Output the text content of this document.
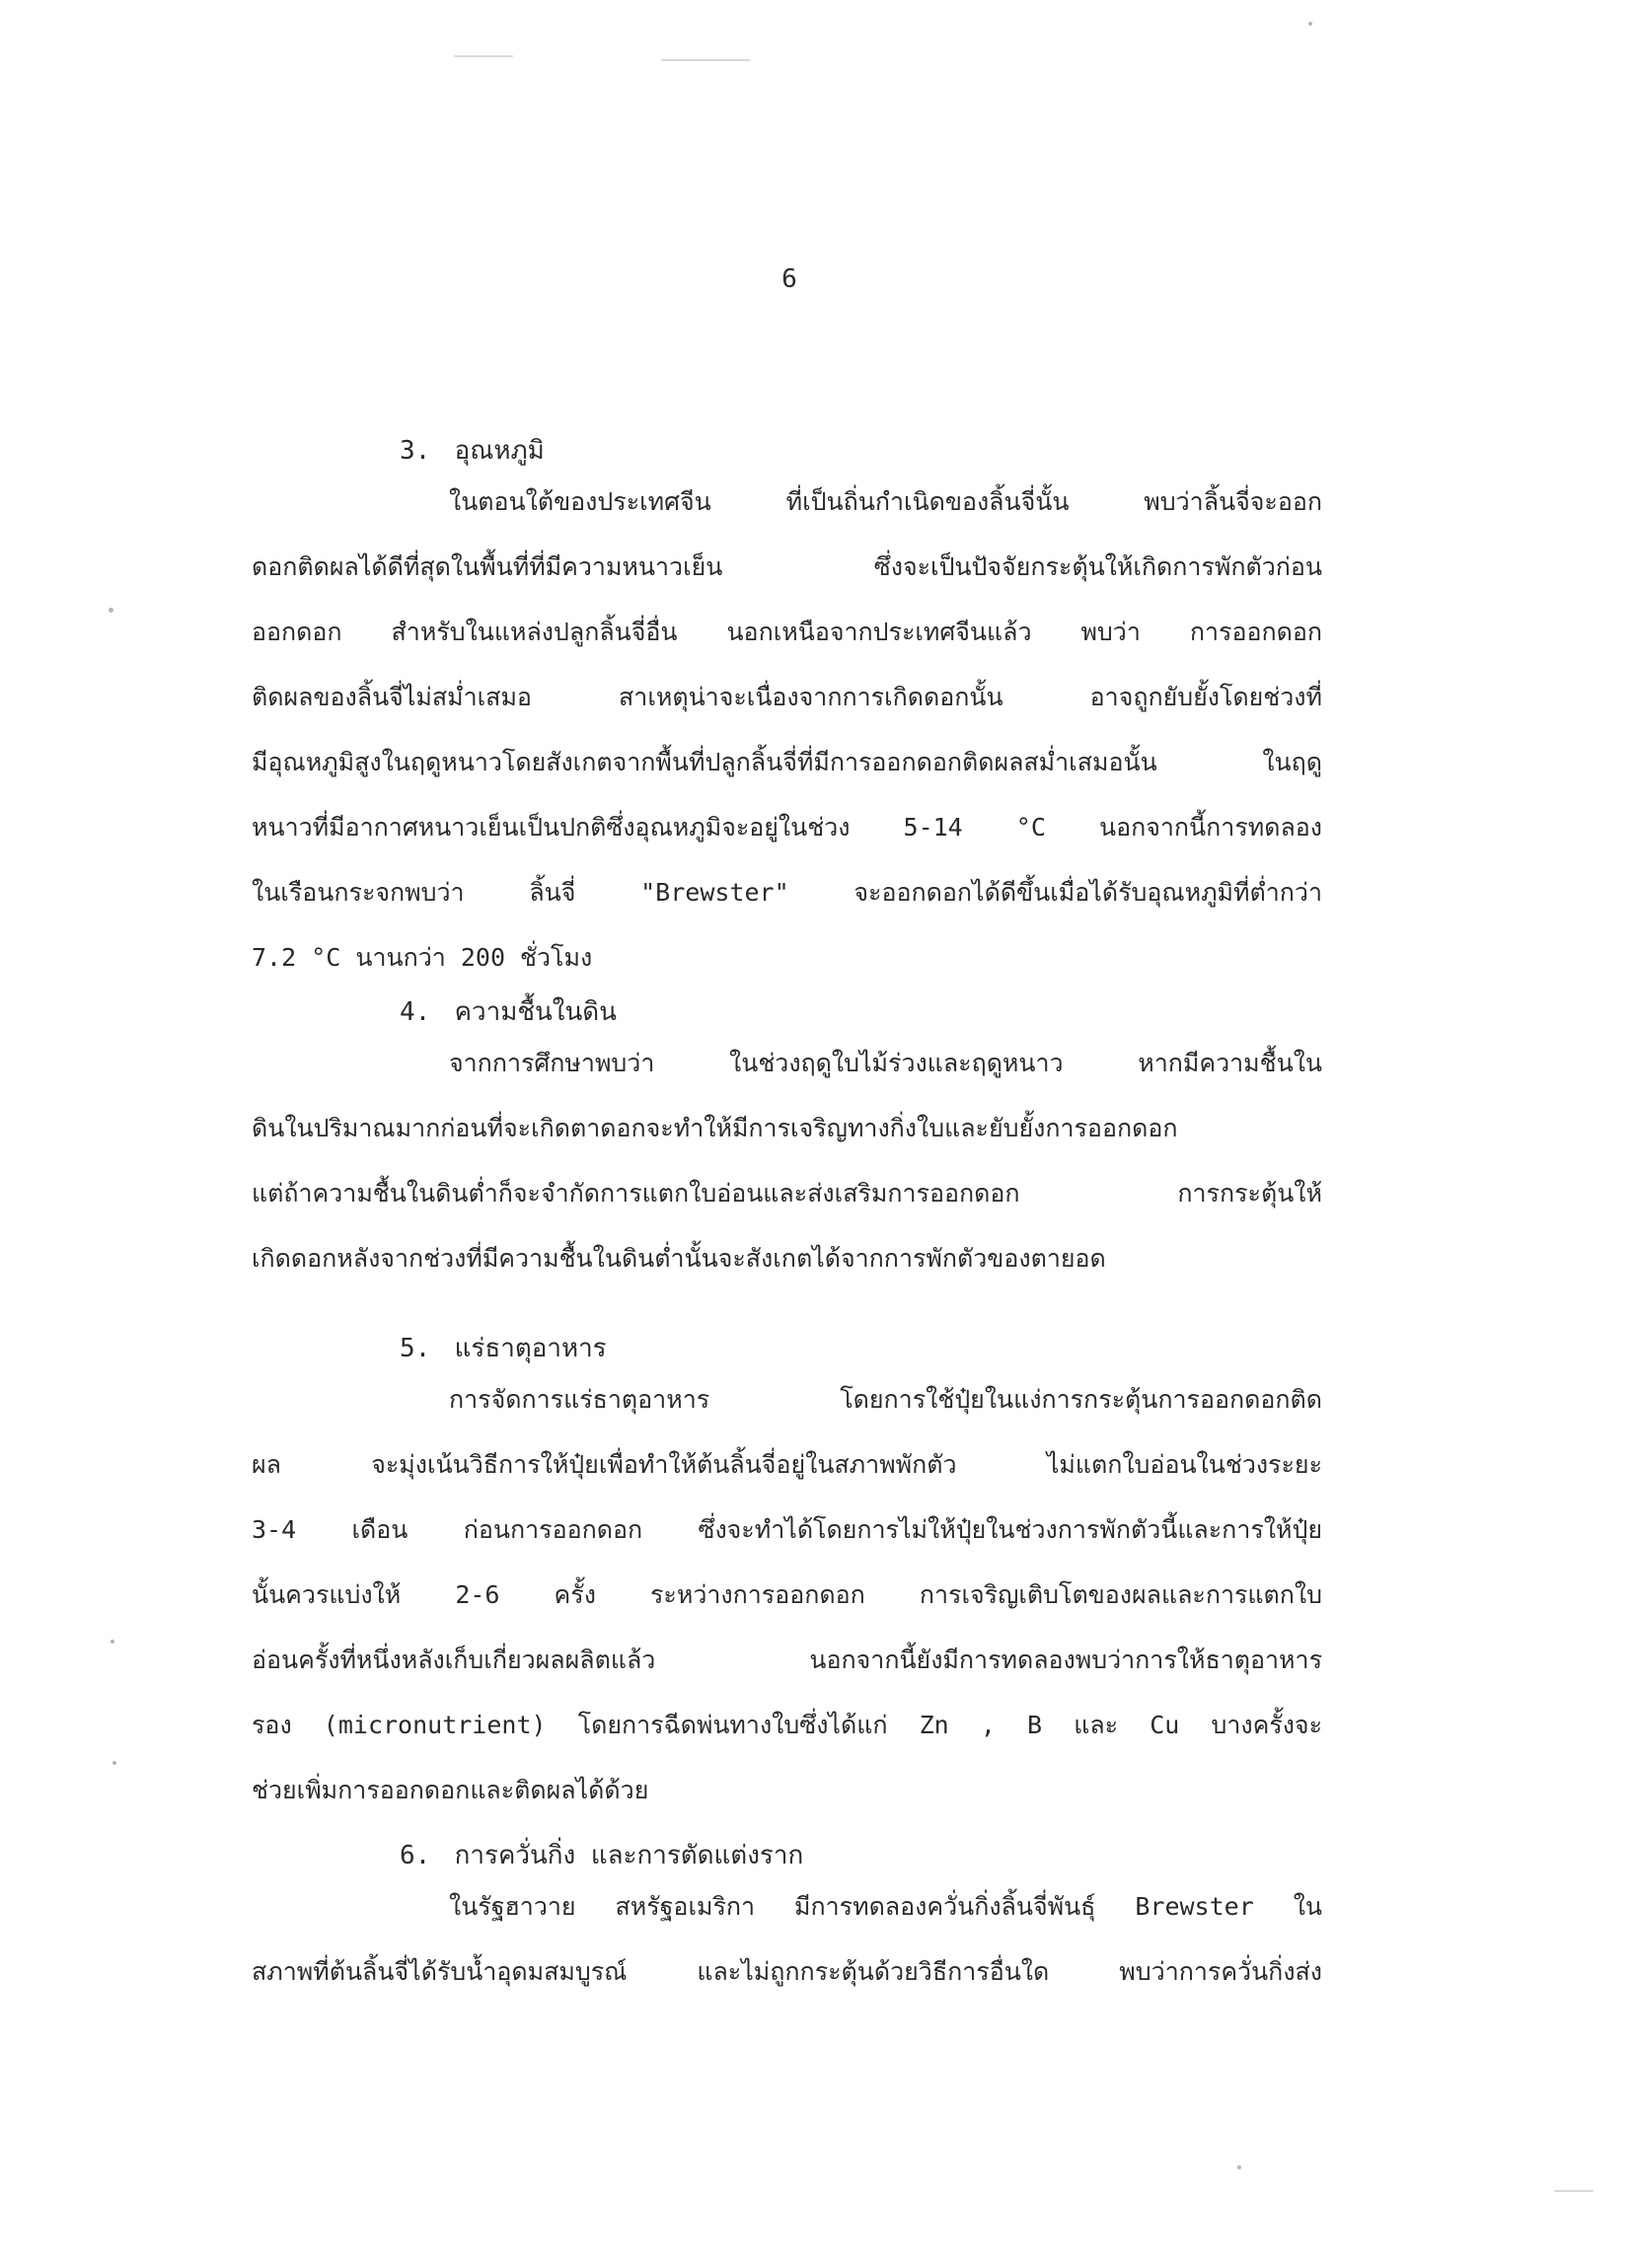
6
3. อุณหภูมิ
ในตอนใต้ของประเทศจีน ที่เป็นถิ่นกำเนิดของลิ้นจี่นั้น พบว่าลิ้นจี่จะออก
ดอกติดผลได้ดีที่สุดในพื้นที่ที่มีความหนาวเย็น ซึ่งจะเป็นปัจจัยกระตุ้นให้เกิดการพักตัวก่อน
ออกดอก สำหรับในแหล่งปลูกลิ้นจี่อื่น นอกเหนือจากประเทศจีนแล้ว พบว่า การออกดอก
ติดผลของลิ้นจี่ไม่สม่ำเสมอ สาเหตุน่าจะเนื่องจากการเกิดดอกนั้น อาจถูกยับยั้งโดยช่วงที่
มีอุณหภูมิสูงในฤดูหนาวโดยสังเกตจากพื้นที่ปลูกลิ้นจี่ที่มีการออกดอกติดผลสม่ำเสมอนั้น ในฤดู
หนาวที่มีอากาศหนาวเย็นเป็นปกติซึ่งอุณหภูมิจะอยู่ในช่วง 5-14 °C นอกจากนี้การทดลอง
ในเรือนกระจกพบว่า ลิ้นจี่ "Brewster" จะออกดอกได้ดีขึ้นเมื่อได้รับอุณหภูมิที่ต่ำกว่า
7.2 °C นานกว่า 200 ชั่วโมง
4. ความชื้นในดิน
จากการศึกษาพบว่า ในช่วงฤดูใบไม้ร่วงและฤดูหนาว หากมีความชื้นใน
ดินในปริมาณมากก่อนที่จะเกิดตาดอกจะทำให้มีการเจริญทางกิ่งใบและยับยั้งการออกดอก
แต่ถ้าความชื้นในดินต่ำก็จะจำกัดการแตกใบอ่อนและส่งเสริมการออกดอก การกระตุ้นให้
เกิดดอกหลังจากช่วงที่มีความชื้นในดินต่ำนั้นจะสังเกตได้จากการพักตัวของตายอด
5. แร่ธาตุอาหาร
การจัดการแร่ธาตุอาหาร โดยการใช้ปุ๋ยในแง่การกระตุ้นการออกดอกติด
ผล จะมุ่งเน้นวิธีการให้ปุ๋ยเพื่อทำให้ต้นลิ้นจี่อยู่ในสภาพพักตัว ไม่แตกใบอ่อนในช่วงระยะ
3-4 เดือน ก่อนการออกดอก ซึ่งจะทำได้โดยการไม่ให้ปุ๋ยในช่วงการพักตัวนี้และการให้ปุ๋ย
นั้นควรแบ่งให้ 2-6 ครั้ง ระหว่างการออกดอก การเจริญเติบโตของผลและการแตกใบ
อ่อนครั้งที่หนึ่งหลังเก็บเกี่ยวผลผลิตแล้ว นอกจากนี้ยังมีการทดลองพบว่าการให้ธาตุอาหาร
รอง (micronutrient) โดยการฉีดพ่นทางใบซึ่งได้แก่ Zn , B และ Cu บางครั้งจะ
ช่วยเพิ่มการออกดอกและติดผลได้ด้วย
6. การควั่นกิ่ง และการตัดแต่งราก
ในรัฐฮาวาย สหรัฐอเมริกา มีการทดลองควั่นกิ่งลิ้นจี่พันธุ์ Brewster ใน
สภาพที่ต้นลิ้นจี่ได้รับน้ำอุดมสมบูรณ์ และไม่ถูกกระตุ้นด้วยวิธีการอื่นใด พบว่าการควั่นกิ่งส่ง
